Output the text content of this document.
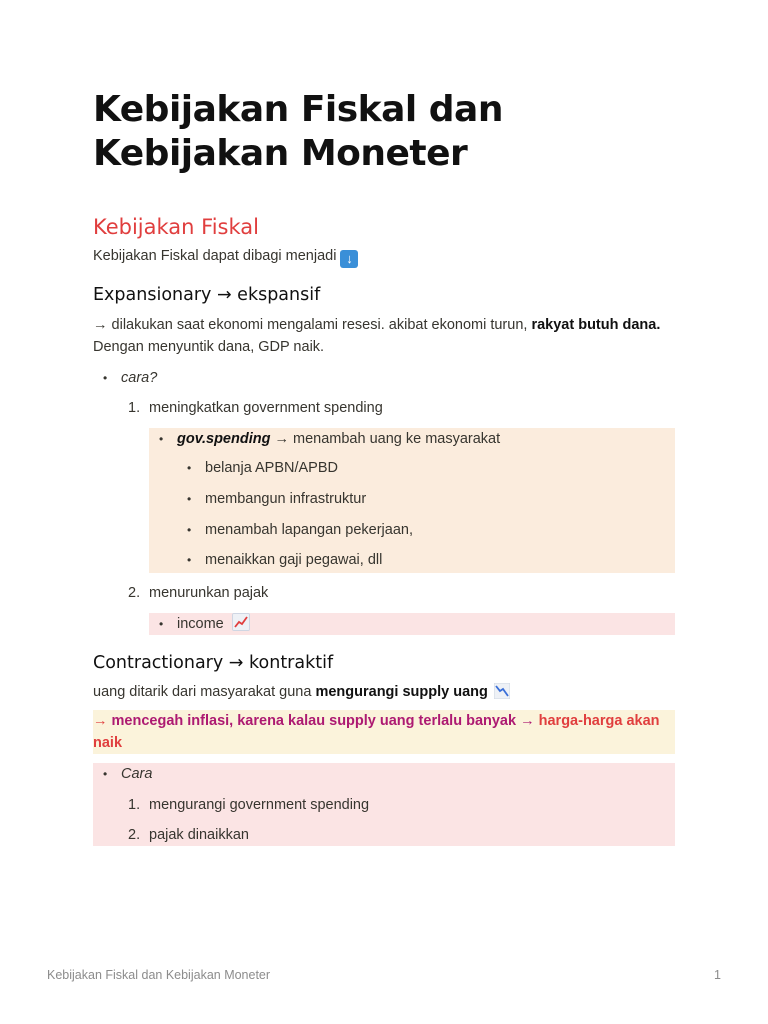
Kebijakan Fiskal dan Kebijakan Moneter
Kebijakan Fiskal

Kebijakan Fiskal dapat dibagi menjadi ↓

Expansionary → ekspansif

→ dilakukan saat ekonomi mengalami resesi. akibat ekonomi turun, rakyat butuh dana. Dengan menyuntik dana, GDP naik.

• cara?
1. meningkatkan government spending
• gov.spending → menambah uang ke masyarakat
• belanja APBN/APBD
• membangun infrastruktur
• menambah lapangan pekerjaan,
• menaikkan gaji pegawai, dll
2. menurunkan pajak
• income
Contractionary → kontraktif

uang ditarik dari masyarakat guna mengurangi supply uang

→ mencegah inflasi, karena kalau supply uang terlalu banyak → harga-harga akan naik
• Cara
1. mengurangi government spending
2. pajak dinaikkan
Kebijakan Fiskal dan Kebijakan Moneter	1
